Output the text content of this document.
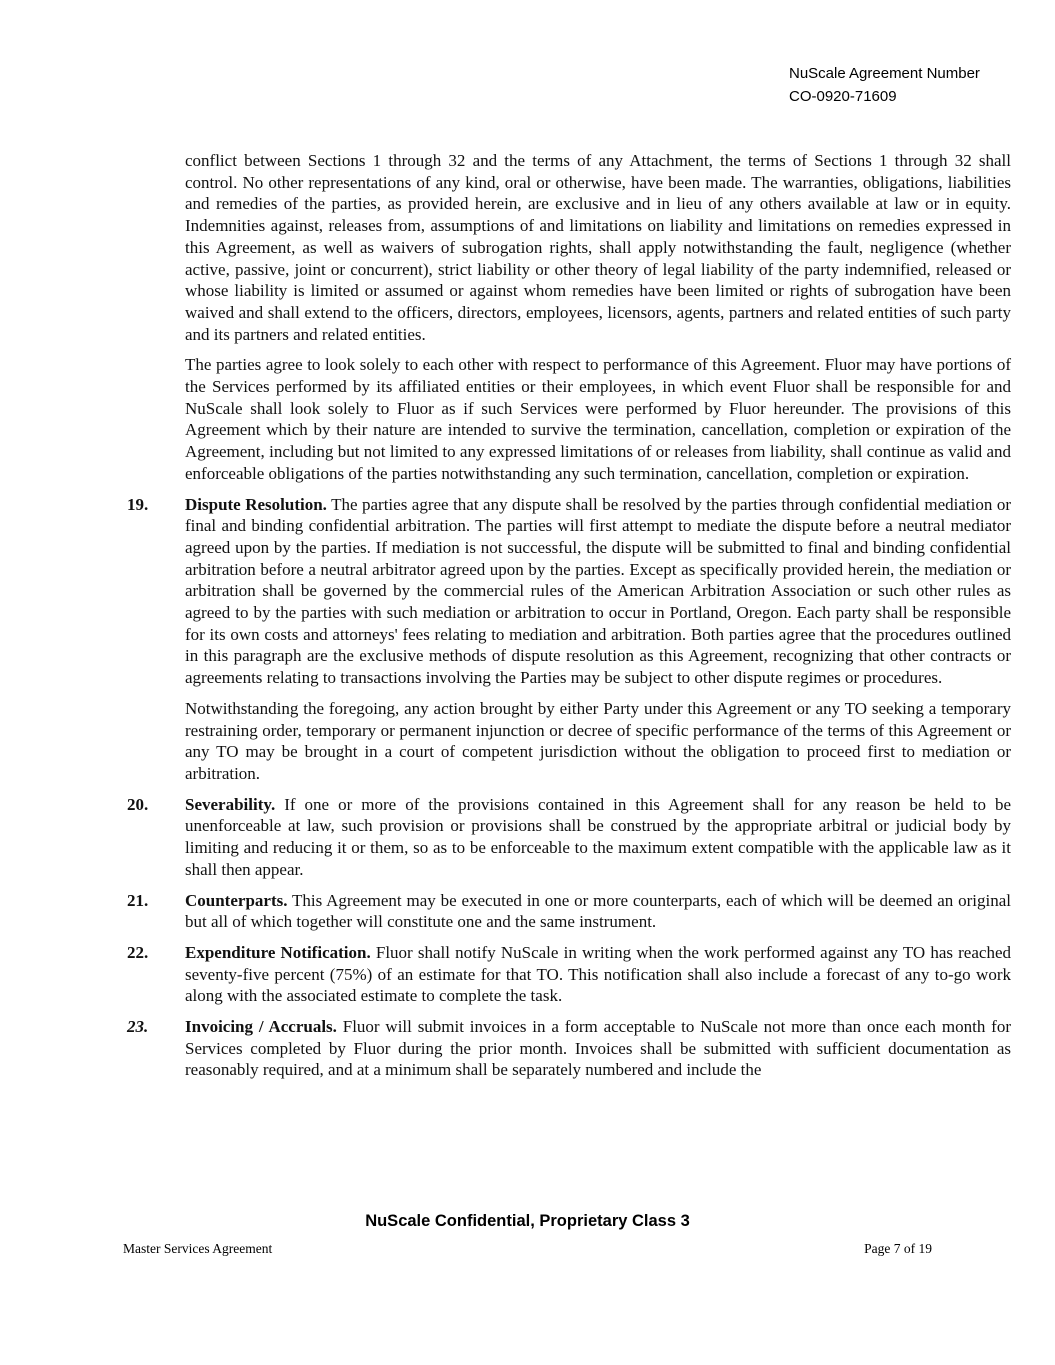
NuScale Agreement Number
CO-0920-71609

conflict between Sections 1 through 32 and the terms of any Attachment, the terms of Sections 1 through 32 shall control. No other representations of any kind, oral or otherwise, have been made. The warranties, obligations, liabilities and remedies of the parties, as provided herein, are exclusive and in lieu of any others available at law or in equity. Indemnities against, releases from, assumptions of and limitations on liability and limitations on remedies expressed in this Agreement, as well as waivers of subrogation rights, shall apply notwithstanding the fault, negligence (whether active, passive, joint or concurrent), strict liability or other theory of legal liability of the party indemnified, released or whose liability is limited or assumed or against whom remedies have been limited or rights of subrogation have been waived and shall extend to the officers, directors, employees, licensors, agents, partners and related entities of such party and its partners and related entities.

The parties agree to look solely to each other with respect to performance of this Agreement. Fluor may have portions of the Services performed by its affiliated entities or their employees, in which event Fluor shall be responsible for and NuScale shall look solely to Fluor as if such Services were performed by Fluor hereunder. The provisions of this Agreement which by their nature are intended to survive the termination, cancellation, completion or expiration of the Agreement, including but not limited to any expressed limitations of or releases from liability, shall continue as valid and enforceable obligations of the parties notwithstanding any such termination, cancellation, completion or expiration.

19. Dispute Resolution. The parties agree that any dispute shall be resolved by the parties through confidential mediation or final and binding confidential arbitration. The parties will first attempt to mediate the dispute before a neutral mediator agreed upon by the parties. If mediation is not successful, the dispute will be submitted to final and binding confidential arbitration before a neutral arbitrator agreed upon by the parties. Except as specifically provided herein, the mediation or arbitration shall be governed by the commercial rules of the American Arbitration Association or such other rules as agreed to by the parties with such mediation or arbitration to occur in Portland, Oregon. Each party shall be responsible for its own costs and attorneys' fees relating to mediation and arbitration. Both parties agree that the procedures outlined in this paragraph are the exclusive methods of dispute resolution as this Agreement, recognizing that other contracts or agreements relating to transactions involving the Parties may be subject to other dispute regimes or procedures.

Notwithstanding the foregoing, any action brought by either Party under this Agreement or any TO seeking a temporary restraining order, temporary or permanent injunction or decree of specific performance of the terms of this Agreement or any TO may be brought in a court of competent jurisdiction without the obligation to proceed first to mediation or arbitration.

20. Severability. If one or more of the provisions contained in this Agreement shall for any reason be held to be unenforceable at law, such provision or provisions shall be construed by the appropriate arbitral or judicial body by limiting and reducing it or them, so as to be enforceable to the maximum extent compatible with the applicable law as it shall then appear.

21. Counterparts. This Agreement may be executed in one or more counterparts, each of which will be deemed an original but all of which together will constitute one and the same instrument.

22. Expenditure Notification. Fluor shall notify NuScale in writing when the work performed against any TO has reached seventy-five percent (75%) of an estimate for that TO. This notification shall also include a forecast of any to-go work along with the associated estimate to complete the task.

23. Invoicing / Accruals. Fluor will submit invoices in a form acceptable to NuScale not more than once each month for Services completed by Fluor during the prior month. Invoices shall be submitted with sufficient documentation as reasonably required, and at a minimum shall be separately numbered and include the

NuScale Confidential, Proprietary Class 3
Master Services Agreement	Page 7 of 19
